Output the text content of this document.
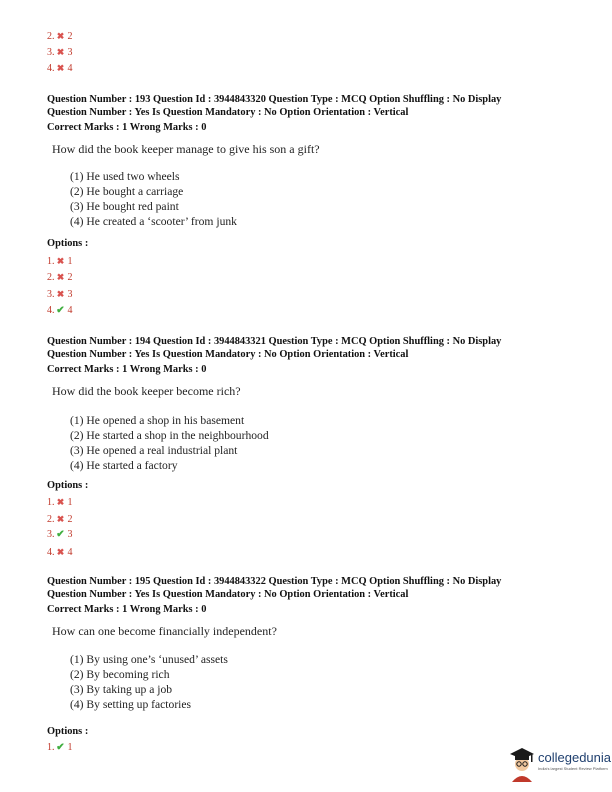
2. ✖ 2
3. ✖ 3
4. ✖ 4
Question Number : 193 Question Id : 3944843320 Question Type : MCQ Option Shuffling : No Display
Question Number : Yes Is Question Mandatory : No Option Orientation : Vertical
Correct Marks : 1 Wrong Marks : 0
How did the book keeper manage to give his son a gift?
(1) He used two wheels
(2) He bought a carriage
(3) He bought red paint
(4) He created a ‘scooter’ from junk
Options :
1. ✖ 1
2. ✖ 2
3. ✖ 3
4. ✔ 4
Question Number : 194 Question Id : 3944843321 Question Type : MCQ Option Shuffling : No Display
Question Number : Yes Is Question Mandatory : No Option Orientation : Vertical
Correct Marks : 1 Wrong Marks : 0
How did the book keeper become rich?
(1) He opened a shop in his basement
(2) He started a shop in the neighbourhood
(3) He opened a real industrial plant
(4) He started a factory
Options :
1. ✖ 1
2. ✖ 2
3. ✔ 3
4. ✖ 4
Question Number : 195 Question Id : 3944843322 Question Type : MCQ Option Shuffling : No Display
Question Number : Yes Is Question Mandatory : No Option Orientation : Vertical
Correct Marks : 1 Wrong Marks : 0
How can one become financially independent?
(1) By using one’s ‘unused’ assets
(2) By becoming rich
(3) By taking up a job
(4) By setting up factories
Options :
1. ✔ 1
collegedunia
India's largest Student Review Platform
